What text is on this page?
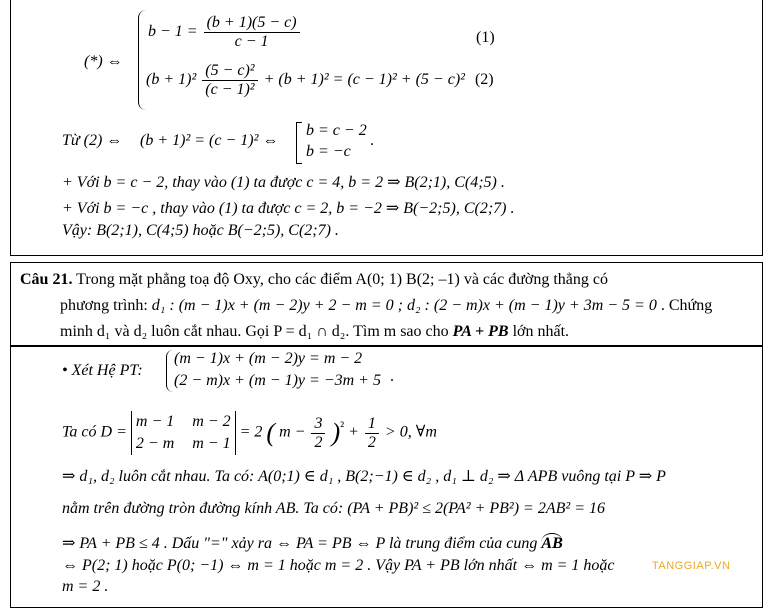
(*) ⇔
$b - 1 = \frac{(b + 1)(5 - c)}{c - 1}$	(1)
$(b + 1)^2 \frac{\text{(5 − c)²}}{\text{(c − 1)²}} + (b + 1)^2 = (c - 1)^2 + (5 - c)^2$ (2)
Từ (2) ⇔ (b + 1)² = (c − 1)² ⇔
b = c − 2
b = −c
.
+ Với b = c − 2, thay vào (1) ta được c = 4, b = 2 ⇒ B(2;1), C(4;5) .
+ Với b = −c , thay vào (1) ta được c = 2, b = −2 ⇒ B(−2;5), C(2;7) .
Vậy: B(2;1), C(4;5) hoặc B(−2;5), C(2;7) .
Câu 21. Trong mặt phẳng toạ độ Oxy, cho các điểm A(0; 1) B(2; –1) và các đường thẳng có
phương trình: d₁ : (m − 1)x + (m − 2)y + 2 − m = 0 ; d₂ : (2 − m)x + (m − 1)y + 3m − 5 = 0 . Chứng
minh d₁ và d₂ luôn cắt nhau. Gọi P = d₁ ∩ d₂. Tìm m sao cho PA + PB lớn nhất.
• Xét Hệ PT:
(m − 1)x + (m − 2)y = m − 2
(2 − m)x + (m − 1)y = −3m + 5 .
Ta có D = m − 1
2 − m m − 2
m − 1 = 2 ( $m - \frac{3}{2} )^{^2} + \frac{1}{2} > 0$, ∀m
⇒ d₁, d₂ luôn cắt nhau. Ta có: A(0;1) ∈ d₁ , B(2;−1) ∈ d₂ , d₁ ⊥ d₂ ⇒ Δ APB vuông tại P ⇒ P
nằm trên đường tròn đường kính AB. Ta có: (PA + PB)² ≤ 2(PA² + PB²) = 2AB² = 16
⇒ PA + PB ≤ 4 . Dấu "=" xảy ra ⇔ PA = PB ⇔ P là trung điểm của cung AB
⇔ P(2; 1) hoặc P(0; −1) ⇔ m = 1 hoặc m = 2 . Vậy PA + PB lớn nhất ⇔ m = 1 hoặc
m = 2 .
TANGGIAP.VN
